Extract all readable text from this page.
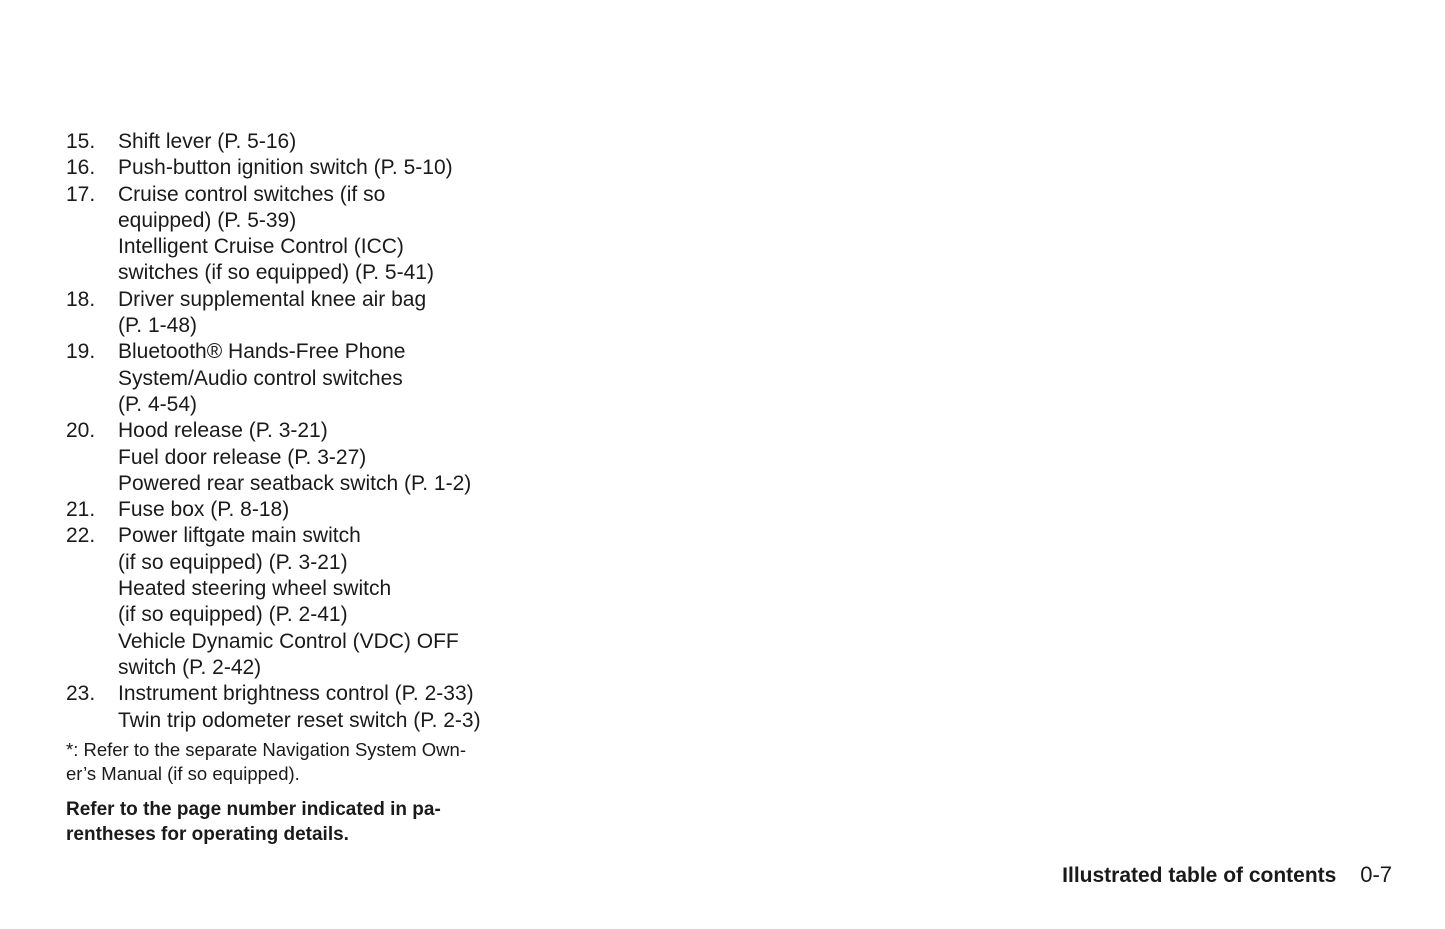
15.	Shift lever (P. 5-16)
16.	Push-button ignition switch (P. 5-10)
17.	Cruise control switches (if so
equipped) (P. 5-39)
Intelligent Cruise Control (ICC)
switches (if so equipped) (P. 5-41)
18.	Driver supplemental knee air bag
(P. 1-48)
19.	Bluetooth® Hands-Free Phone
System/Audio control switches
(P. 4-54)
20.	Hood release (P. 3-21)
Fuel door release (P. 3-27)
Powered rear seatback switch (P. 1-2)
21.	Fuse box (P. 8-18)
22.	Power liftgate main switch
(if so equipped) (P. 3-21)
Heated steering wheel switch
(if so equipped) (P. 2-41)
Vehicle Dynamic Control (VDC) OFF
switch (P. 2-42)
23.	Instrument brightness control (P. 2-33)
Twin trip odometer reset switch (P. 2-3)
*: Refer to the separate Navigation System Own-
er’s Manual (if so equipped).
Refer to the page number indicated in pa-
rentheses for operating details.
Illustrated table of contents 0-7
